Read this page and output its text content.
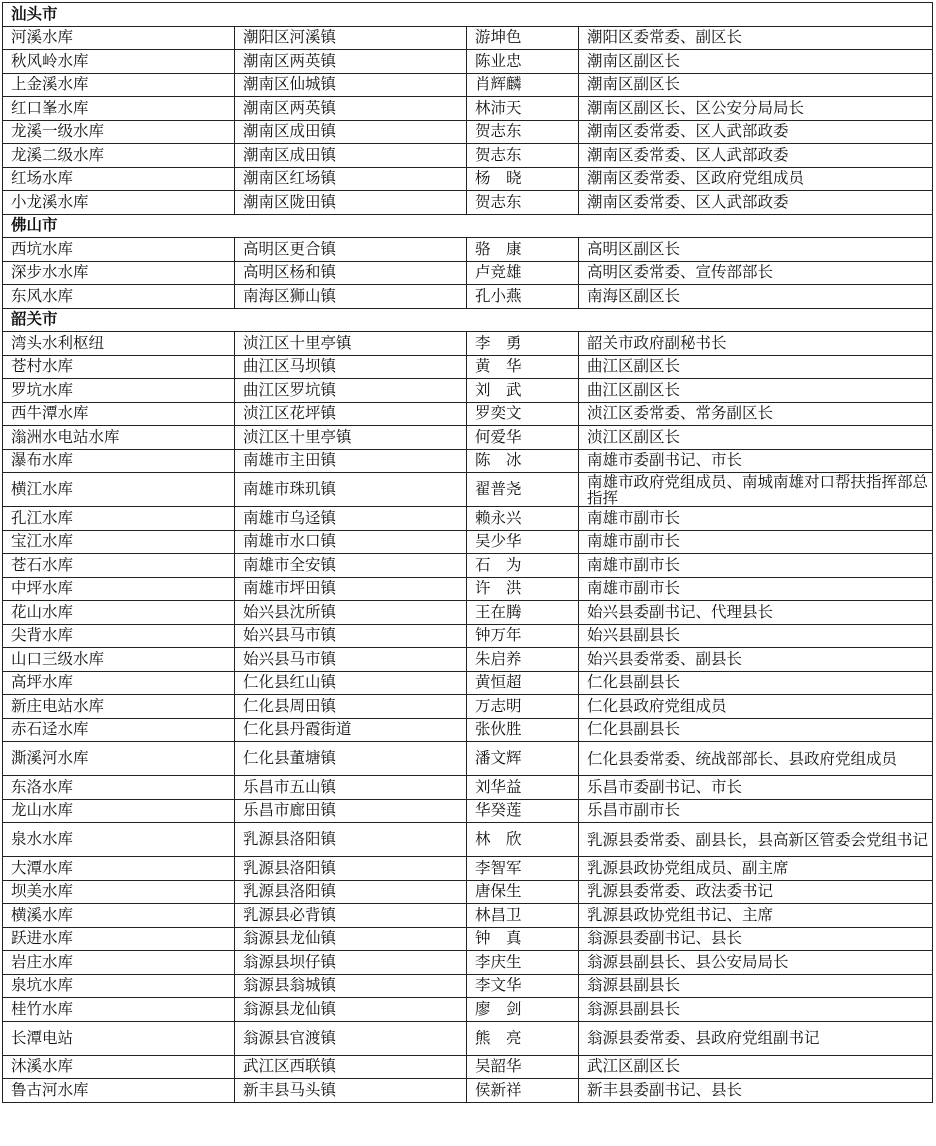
汕头市			
河溪水库	潮阳区河溪镇	游坤色	潮阳区委常委、副区长
秋风岭水库	潮南区两英镇	陈业忠	潮南区副区长
上金溪水库	潮南区仙城镇	肖辉麟	潮南区副区长
红口峯水库	潮南区两英镇	林沛天	潮南区副区长、区公安分局局长
龙溪一级水库	潮南区成田镇	贺志东	潮南区委常委、区人武部政委
龙溪二级水库	潮南区成田镇	贺志东	潮南区委常委、区人武部政委
红场水库	潮南区红场镇	杨　晓	潮南区委常委、区政府党组成员
小龙溪水库	潮南区陇田镇	贺志东	潮南区委常委、区人武部政委
佛山市			
西坑水库	高明区更合镇	骆　康	高明区副区长
深步水水库	高明区杨和镇	卢竞雄	高明区委常委、宣传部部长
东风水库	南海区狮山镇	孔小燕	南海区副区长
韶关市			
湾头水利枢纽	浈江区十里亭镇	李　勇	韶关市政府副秘书长
苍村水库	曲江区马坝镇	黄　华	曲江区副区长
罗坑水库	曲江区罗坑镇	刘　武	曲江区副区长
西牛潭水库	浈江区花坪镇	罗奕文	浈江区委常委、常务副区长
滃洲水电站水库	浈江区十里亭镇	何爱华	浈江区副区长
瀑布水库	南雄市主田镇	陈　冰	南雄市委副书记、市长
横江水库	南雄市珠玑镇	翟普尧	南雄市政府党组成员、南城南雄对口帮扶指挥部总指挥
孔江水库	南雄市乌迳镇	赖永兴	南雄市副市长
宝江水库	南雄市水口镇	吴少华	南雄市副市长
苍石水库	南雄市全安镇	石　为	南雄市副市长
中坪水库	南雄市坪田镇	许　洪	南雄市副市长
花山水库	始兴县沈所镇	王在腾	始兴县委副书记、代理县长
尖背水库	始兴县马市镇	钟万年	始兴县副县长
山口三级水库	始兴县马市镇	朱启养	始兴县委常委、副县长
高坪水库	仁化县红山镇	黄恒超	仁化县副县长
新庄电站水库	仁化县周田镇	万志明	仁化县政府党组成员
赤石迳水库	仁化县丹霞街道	张伙胜	仁化县副县长
澌溪河水库	仁化县董塘镇	潘文辉	仁化县委常委、统战部部长、县政府党组成员
东洛水库	乐昌市五山镇	刘华益	乐昌市委副书记、市长
龙山水库	乐昌市廊田镇	华癸莲	乐昌市副市长
泉水水库	乳源县洛阳镇	林　欣	乳源县委常委、副县长，县高新区管委会党组书记
大潭水库	乳源县洛阳镇	李智军	乳源县政协党组成员、副主席
坝美水库	乳源县洛阳镇	唐保生	乳源县委常委、政法委书记
横溪水库	乳源县必背镇	林昌卫	乳源县政协党组书记、主席
跃进水库	翁源县龙仙镇	钟　真	翁源县委副书记、县长
岩庄水库	翁源县坝仔镇	李庆生	翁源县副县长、县公安局局长
泉坑水库	翁源县翁城镇	李文华	翁源县副县长
桂竹水库	翁源县龙仙镇	廖　剑	翁源县副县长
长潭电站	翁源县官渡镇	熊　亮	翁源县委常委、县政府党组副书记
沐溪水库	武江区西联镇	吴韶华	武江区副区长
鲁古河水库	新丰县马头镇	侯新祥	新丰县委副书记、县长
